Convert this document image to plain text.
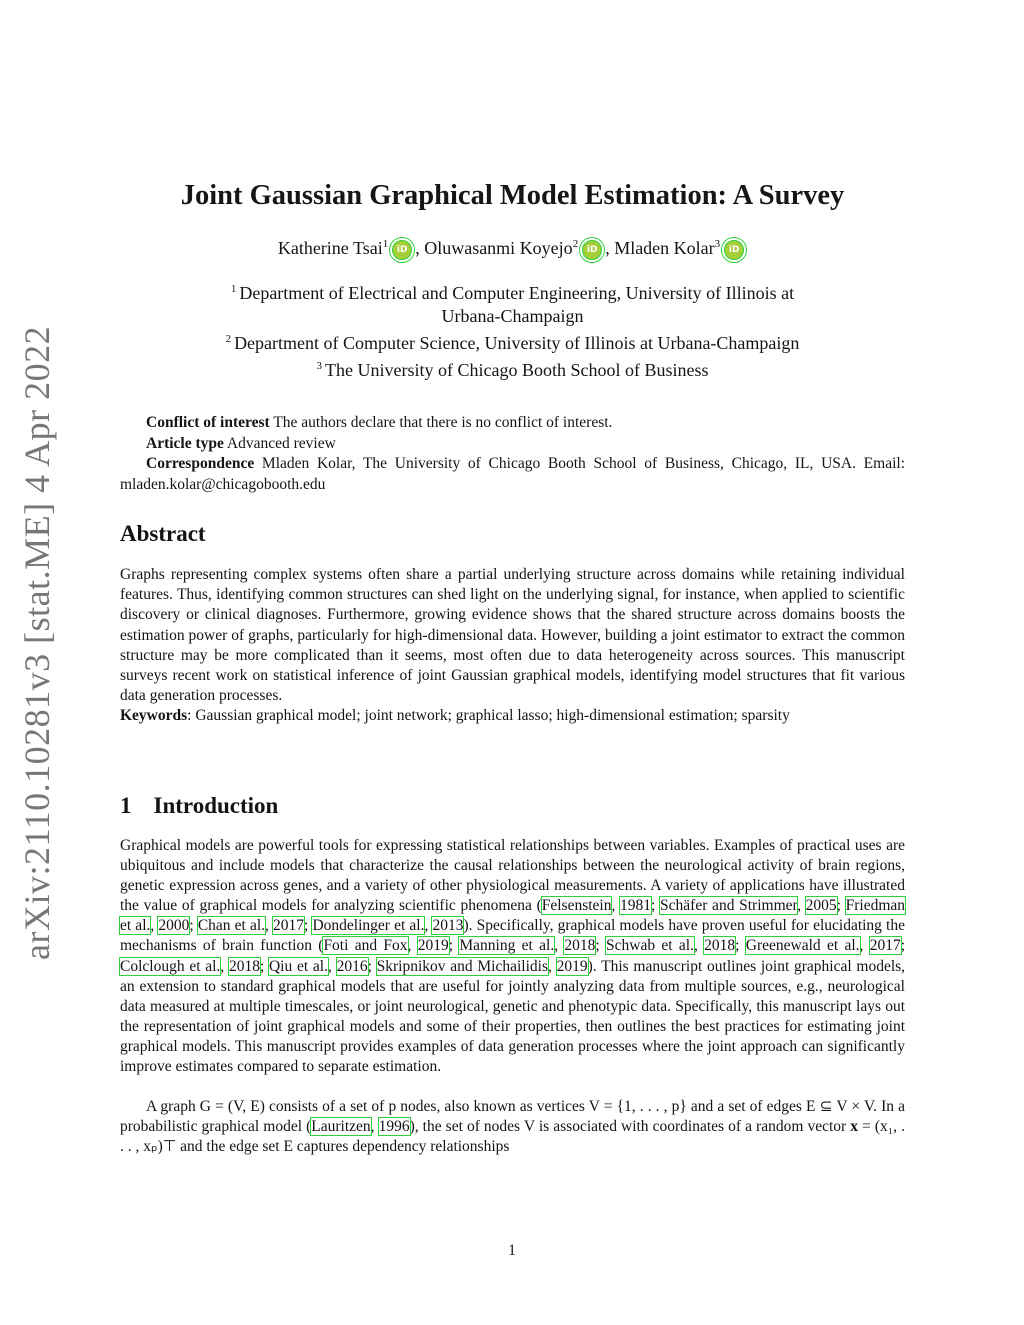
arXiv:2110.10281v3 [stat.ME] 4 Apr 2022
Joint Gaussian Graphical Model Estimation: A Survey
Katherine Tsai$^1$ iD , Oluwasanmi Koyejo$^2$ iD , Mladen Kolar$^3$ iD
$^1$ Department of Electrical and Computer Engineering, University of Illinois at
Urbana-Champaign
$^2$ Department of Computer Science, University of Illinois at Urbana-Champaign
$^3$ The University of Chicago Booth School of Business

Conflict of interest The authors declare that there is no conflict of interest.

Article type Advanced review

Correspondence Mladen Kolar, The University of Chicago Booth School of Business, Chicago, IL, USA. Email: mladen.kolar@chicagobooth.edu

Abstract

Graphs representing complex systems often share a partial underlying structure across domains while retaining individual features. Thus, identifying common structures can shed light on the underlying signal, for instance, when applied to scientific discovery or clinical diagnoses. Furthermore, growing evidence shows that the shared structure across domains boosts the estimation power of graphs, particularly for high-dimensional data. However, building a joint estimator to extract the common structure may be more complicated than it seems, most often due to data heterogeneity across sources. This manuscript surveys recent work on statistical inference of joint Gaussian graphical models, identifying model structures that fit various data generation processes.

Keywords: Gaussian graphical model; joint network; graphical lasso; high-dimensional estimation; sparsity

1 Introduction

Graphical models are powerful tools for expressing statistical relationships between variables. Examples of practical uses are ubiquitous and include models that characterize the causal relationships between the neurological activity of brain regions, genetic expression across genes, and a variety of other physiological measurements. A variety of applications have illustrated the value of graphical models for analyzing scientific phenomena (Felsenstein, 1981; Schäfer and Strimmer, 2005; Friedman et al., 2000; Chan et al., 2017; Dondelinger et al., 2013). Specifically, graphical models have proven useful for elucidating the mechanisms of brain function (Foti and Fox, 2019; Manning et al., 2018; Schwab et al., 2018; Greenewald et al., 2017; Colclough et al., 2018; Qiu et al., 2016; Skripnikov and Michailidis, 2019). This manuscript outlines joint graphical models, an extension to standard graphical models that are useful for jointly analyzing data from multiple sources, e.g., neurological data measured at multiple timescales, or joint neurological, genetic and phenotypic data. Specifically, this manuscript lays out the representation of joint graphical models and some of their properties, then outlines the best practices for estimating joint graphical models. This manuscript provides examples of data generation processes where the joint approach can significantly improve estimates compared to separate estimation.

A graph G = (V, E) consists of a set of p nodes, also known as vertices V = {1, . . . , p} and a set of edges E ⊆ V × V. In a probabilistic graphical model (Lauritzen, 1996), the set of nodes V is associated with coordinates of a random vector x = (x₁, . . . , xₚ)⊤ and the edge set E captures dependency relationships

1
